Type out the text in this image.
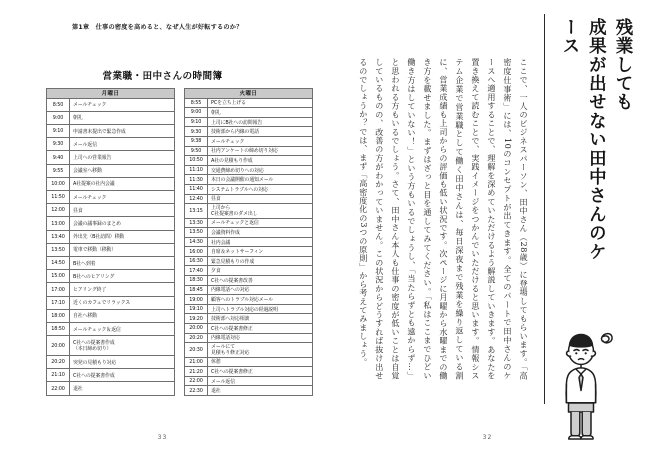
第1章　仕事の密度を高めると、なぜ人生が好転するのか？
営業職・田中さんの時間簿
月曜日	
8:50	メールチェック
9:00	朝礼
9:10	申請書未提出で緊急作成
9:30	メール返信
9:40	上司への営業報告
9:55	会議室へ移動
10:00	A社提案の社内会議
11:50	メールチェック
12:00	昼食
13:00	会議の議事録のまとめ
13:40	外出先（B社訪問）移動
13:50	電車で移動（移動）
14:50	B社へ到着
15:00	B社へのヒアリング
17:00	ヒアリング終了
17:10	近くのカフェでリラックス
18:00	自社へ移動
18:50	メールチェック＆返信
20:00	C社への提案書作成
（本日締め切り）

20:20	突発の見積もり対応
21:10	C社への提案書作成
22:00	退社
火曜日	
8:55	PCを立ち上げる
9:00	朝礼
9:10	上司にB社への訪問報告
9:30	技術部から内線の電話
9:38	メールチェック
9:50	社内アンケートの締め切り対応
10:50	A社の見積もり作成
11:10	交通費締め切りへの対応
11:30	本日の会議開催の通知メール
11:40	システムトラブルへの対応
12:40	昼食
13:15	上司から
C社提案書のダメ出し

13:30	メールチェックと返信
13:50	会議資料作成
14:30	社内会議
16:00	自席＆ネットサーフィン
16:30	緊急見積もりの作成
17:40	夕食
18:30	C社への提案書改善
18:45	内線電話への対応
19:00	顧客へのトラブル対応メール
19:10	上司へトラブル対応の経過説明
19:20	技術部へ対応相談
20:00	C社への提案書修正
20:20	内線電話対応
20:30	メールにて
見積もり修正対応

21:00	休憩
21:20	C社への提案書修正
22:00	メール返信
22:30	退社
33
残業しても
成果が出せない田中さんのケース
ここで、一人のビジネスパーソン、田中さん（28歳）に登場してもらいます。「高密度仕事術」には、10のコンセプトが出てきます。全てのパートで田中さんのケースへ適用することで、理解を深めていただけるよう解説していきます。あなたを置き換えて読むことで、実践イメージをつかんでいただけると思います。情報システム企業で営業職として働く田中さんは、毎日深夜まで残業を繰り返している割に、営業成績も上司からの評価も低い状況です。次ページに月曜から水曜までの働き方を載せました。まずはざっと目を通してみてください。「私はここまでひどい働き方はしていない！」という方もいるでしょうし、「当たらずとも遠からず…」と思われる方もいるでしょう。さて、田中さん本人も仕事の密度が低いことは自覚しているものの、改善の方がわかっていません。この状況からどうすれば抜け出せるのでしょうか？では、まず「高密度化の3つの原則」から考えてみましょう。
32
